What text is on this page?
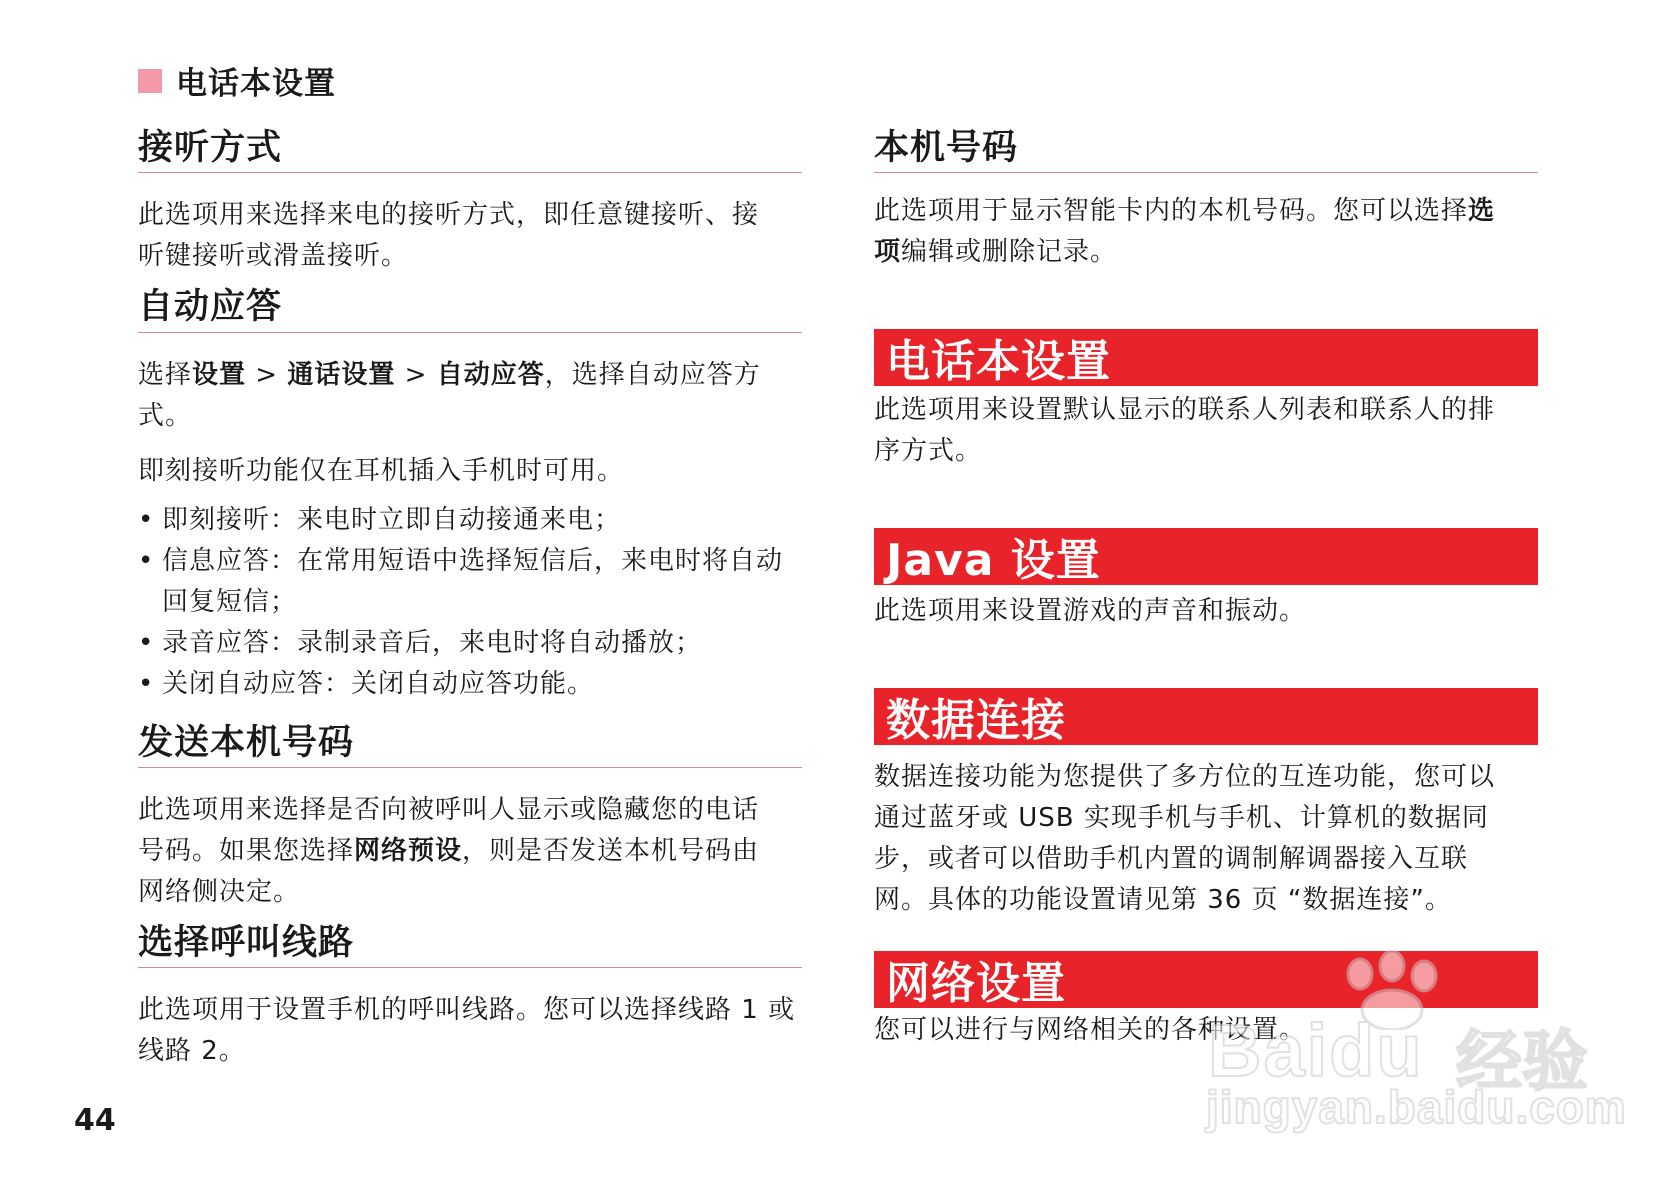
电话本设置
接听方式

此选项用来选择来电的接听方式，即任意键接听、接

听键接听或滑盖接听。

自动应答

选择设置 > 通话设置 > 自动应答，选择自动应答方式。

即刻接听功能仅在耳机插入手机时可用。

• 即刻接听：来电时立即自动接通来电；
• 信息应答：在常用短语中选择短信后，来电时将自动
回复短信；
• 录音应答：录制录音后，来电时将自动播放；
• 关闭自动应答：关闭自动应答功能。
发送本机号码

此选项用来选择是否向被呼叫人显示或隐藏您的电话

号码。如果您选择网络预设，则是否发送本机号码由

网络侧决定。

选择呼叫线路

此选项用于设置手机的呼叫线路。您可以选择线路 1 或

线路 2。

本机号码

此选项用于显示智能卡内的本机号码。您可以选择选

项编辑或删除记录。

电话本设置

此选项用来设置默认显示的联系人列表和联系人的排

序方式。

Java 设置

此选项用来设置游戏的声音和振动。

数据连接

数据连接功能为您提供了多方位的互连功能，您可以

通过蓝牙或 USB 实现手机与手机、计算机的数据同

步，或者可以借助手机内置的调制解调器接入互联

网。具体的功能设置请见第 36 页 “数据连接”。

网络设置

您可以进行与网络相关的各种设置。

44
Baidu 经验
jingyan.baidu.com
